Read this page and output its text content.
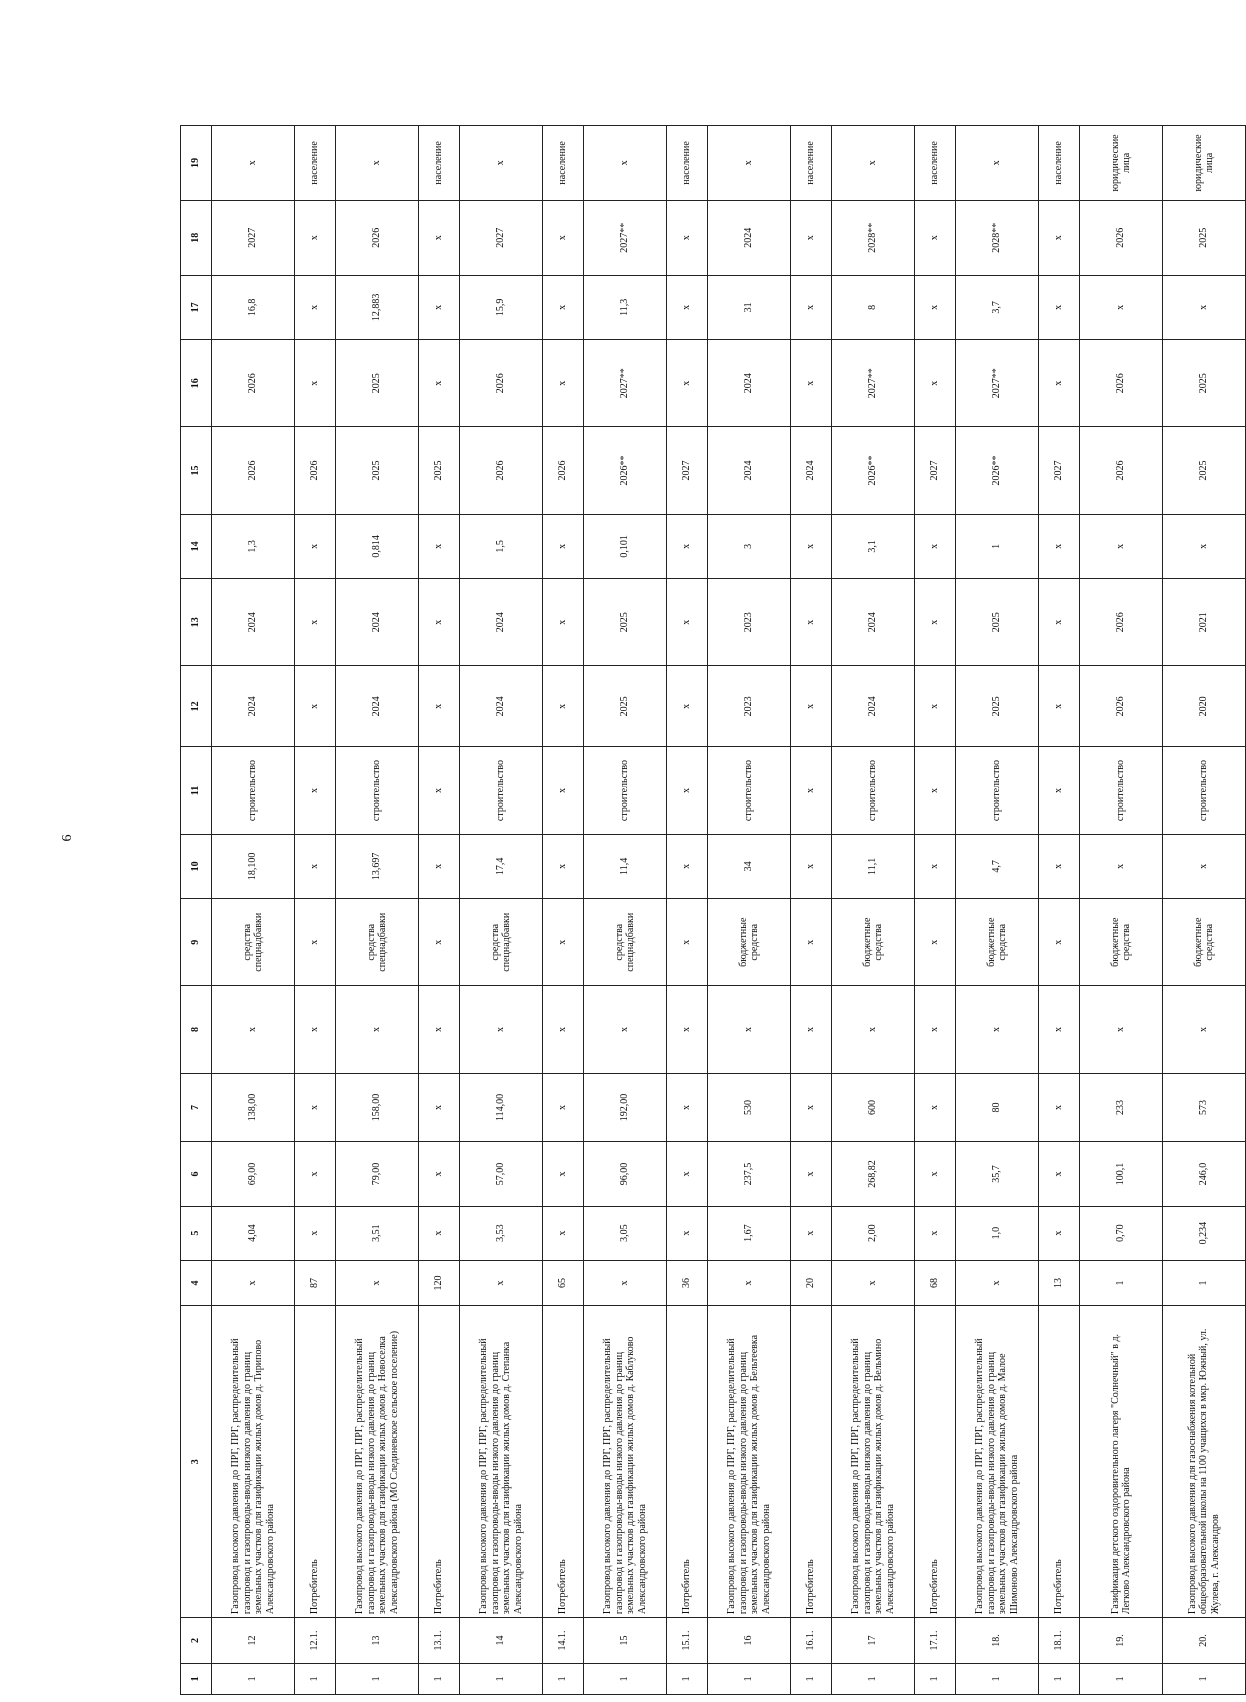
6
1	2	3	4	5	6	7	8	9	10	11	12	13	14	15	16	17	18	19
1	12	Газопровод высокого давления до ПРГ, ПРГ, распределительный газопровод и газопроводы-вводы низкого давления до границ земельных участков для газификации жилых домов д. Тирипово Александровского района	x	4,04	69,00	138,00	x	средства спецнадбавки	18,100	строительство	2024	2024	1,3	2026	2026	16,8	2027	x
1	12.1.	Потребитель	87	x	x	x	x	x	x	x	x	x	x	2026	x	x	x	население
1	13	Газопровод высокого давления до ПРГ, ПРГ, распределительный газопровод и газопроводы-вводы низкого давления до границ земельных участков для газификации жилых домов д. Новоселка Александровского района (МО Слединевское сельское поселение)	x	3,51	79,00	158,00	x	средства спецнадбавки	13,697	строительство	2024	2024	0,814	2025	2025	12,883	2026	x
1	13.1.	Потребитель	120	x	x	x	x	x	x	x	x	x	x	2025	x	x	x	население
1	14	Газопровод высокого давления до ПРГ, ПРГ, распределительный газопровод и газопроводы-вводы низкого давления до границ земельных участков для газификации жилых домов д. Степанка Александровского района	x	3,53	57,00	114,00	x	средства спецнадбавки	17,4	строительство	2024	2024	1,5	2026	2026	15,9	2027	x
1	14.1.	Потребитель	65	x	x	x	x	x	x	x	x	x	x	2026	x	x	x	население
1	15	Газопровод высокого давления до ПРГ, ПРГ, распределительный газопровод и газопроводы-вводы низкого давления до границ земельных участков для газификации жилых домов д. Каблуково Александровского района	x	3,05	96,00	192,00	x	средства спецнадбавки	11,4	строительство	2025	2025	0,101	2026**	2027**	11,3	2027**	x
1	15.1.	Потребитель	36	x	x	x	x	x	x	x	x	x	x	2027	x	x	x	население
1	16	Газопровод высокого давления до ПРГ, ПРГ, распределительный газопровод и газопроводы-вводы низкого давления до границ земельных участков для газификации жилых домов д. Бельтеевка Александровского района	x	1,67	237,5	530	x	бюджетные средства	34	строительство	2023	2023	3	2024	2024	31	2024	x
1	16.1.	Потребитель	20	x	x	x	x	x	x	x	x	x	x	2024	x	x	x	население
1	17	Газопровод высокого давления до ПРГ, ПРГ, распределительный газопровод и газопроводы-вводы низкого давления до границ земельных участков для газификации жилых домов д. Вельмино Александровского района	x	2,00	268,82	600	x	бюджетные средства	11,1	строительство	2024	2024	3,1	2026**	2027**	8	2028**	x
1	17.1.	Потребитель	68	x	x	x	x	x	x	x	x	x	x	2027	x	x	x	население
1	18.	Газопровод высокого давления до ПРГ, ПРГ, распределительный газопровод и газопроводы-вводы низкого давления до границ земельных участков для газификации жилых домов д. Малое Шимоново Александровского района	x	1,0	35,7	80	x	бюджетные средства	4,7	строительство	2025	2025	1	2026**	2027**	3,7	2028**	x
1	18.1.	Потребитель	13	x	x	x	x	x	x	x	x	x	x	2027	x	x	x	население
1	19.	Газификация детского оздоровительного лагеря "Солнечный" в д. Легково Александровского района	1	0,70	100,1	233	x	бюджетные средства	x	строительство	2026	2026	x	2026	2026	x	2026	юридические лица
1	20.	Газопровод высокого давления для газоснабжения котельной общеобразовательной школы на 1100 учащихся в мкр. Южный, ул. Жулева, г. Александров	1	0,234	246,0	573	x	бюджетные средства	x	строительство	2020	2021	x	2025	2025	x	2025	юридические лица
